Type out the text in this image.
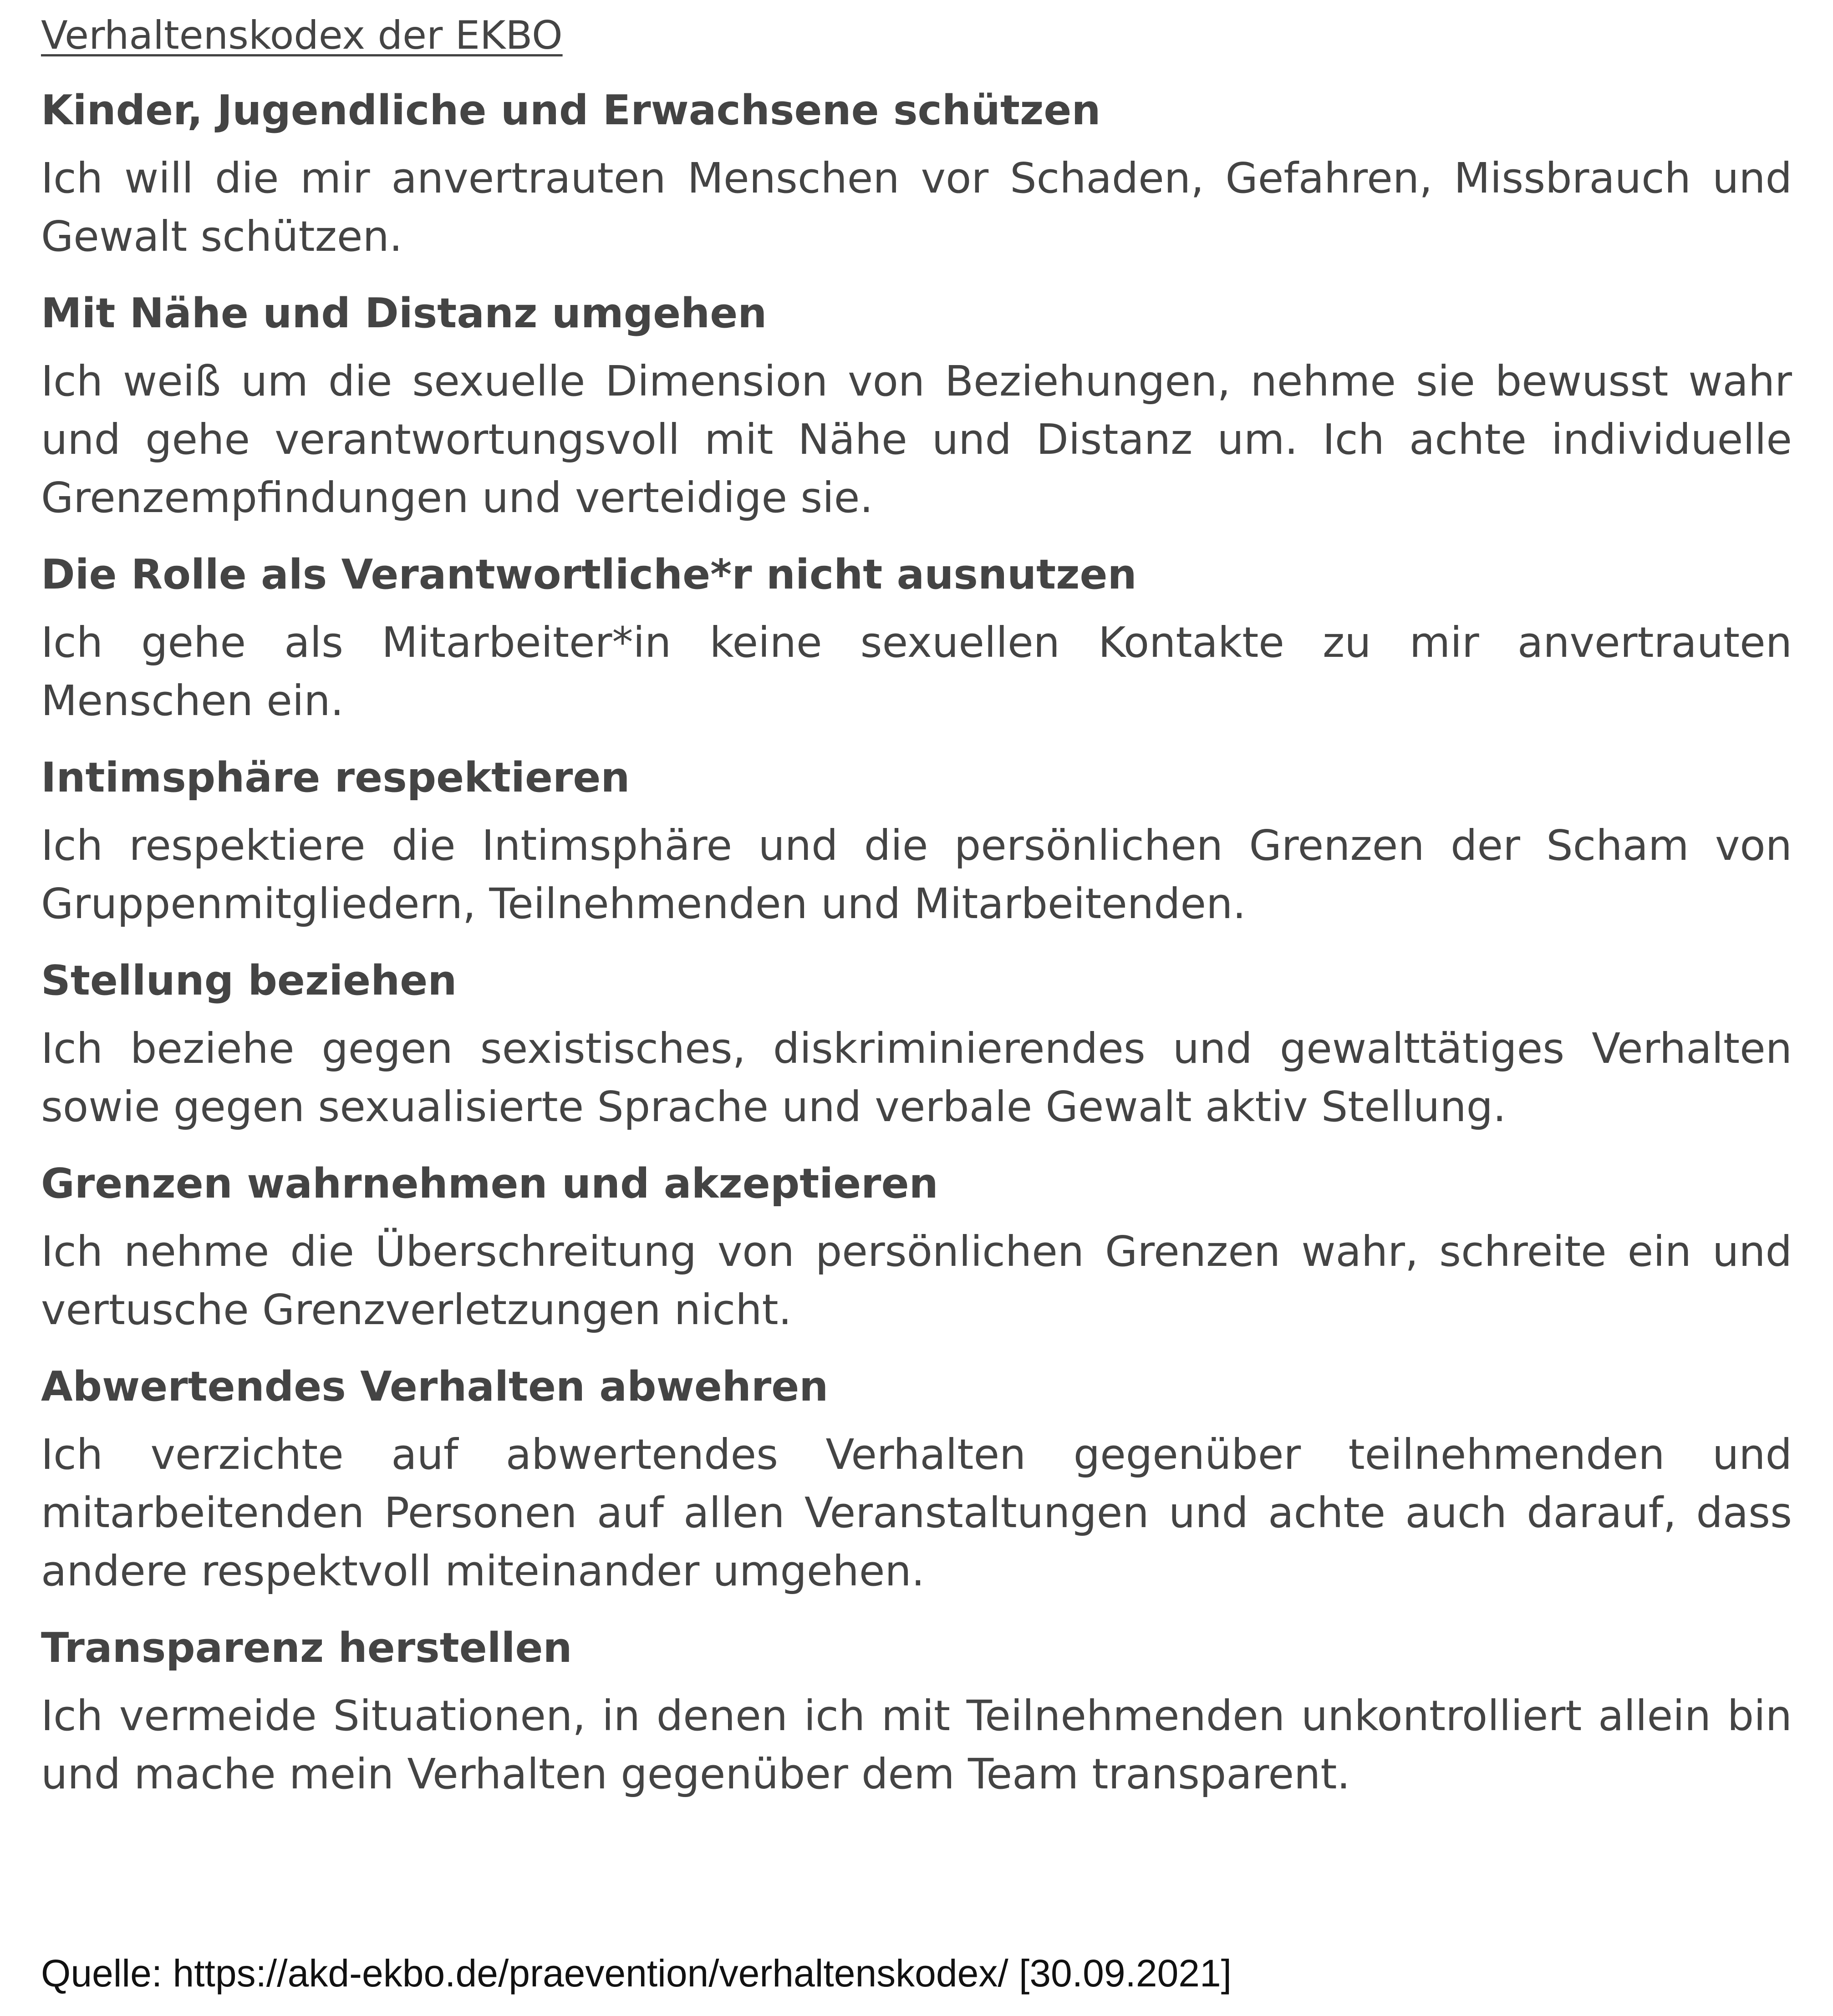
Verhaltenskodex der EKBO
Kinder, Jugendliche und Erwachsene schützen

Ich will die mir anvertrauten Menschen vor Schaden, Gefahren, Missbrauch und Gewalt schützen.

Mit Nähe und Distanz umgehen

Ich weiß um die sexuelle Dimension von Beziehungen, nehme sie bewusst wahr und gehe verantwortungsvoll mit Nähe und Distanz um. Ich achte individuelle Grenzempfindungen und verteidige sie.

Die Rolle als Verantwortliche*r nicht ausnutzen

Ich gehe als Mitarbeiter*in keine sexuellen Kontakte zu mir anvertrauten Menschen ein.

Intimsphäre respektieren

Ich respektiere die Intimsphäre und die persönlichen Grenzen der Scham von Gruppenmitgliedern, Teilnehmenden und Mitarbeitenden.

Stellung beziehen

Ich beziehe gegen sexistisches, diskriminierendes und gewalttätiges Verhalten sowie gegen sexualisierte Sprache und verbale Gewalt aktiv Stellung.

Grenzen wahrnehmen und akzeptieren

Ich nehme die Überschreitung von persönlichen Grenzen wahr, schreite ein und vertusche Grenzverletzungen nicht.

Abwertendes Verhalten abwehren

Ich verzichte auf abwertendes Verhalten gegenüber teilnehmenden und mitarbeitenden Personen auf allen Veranstaltungen und achte auch darauf, dass andere respektvoll miteinander umgehen.

Transparenz herstellen

Ich vermeide Situationen, in denen ich mit Teilnehmenden unkontrolliert allein bin und mache mein Verhalten gegenüber dem Team transparent.

Quelle: https://akd-ekbo.de/praevention/verhaltenskodex/ [30.09.2021]
